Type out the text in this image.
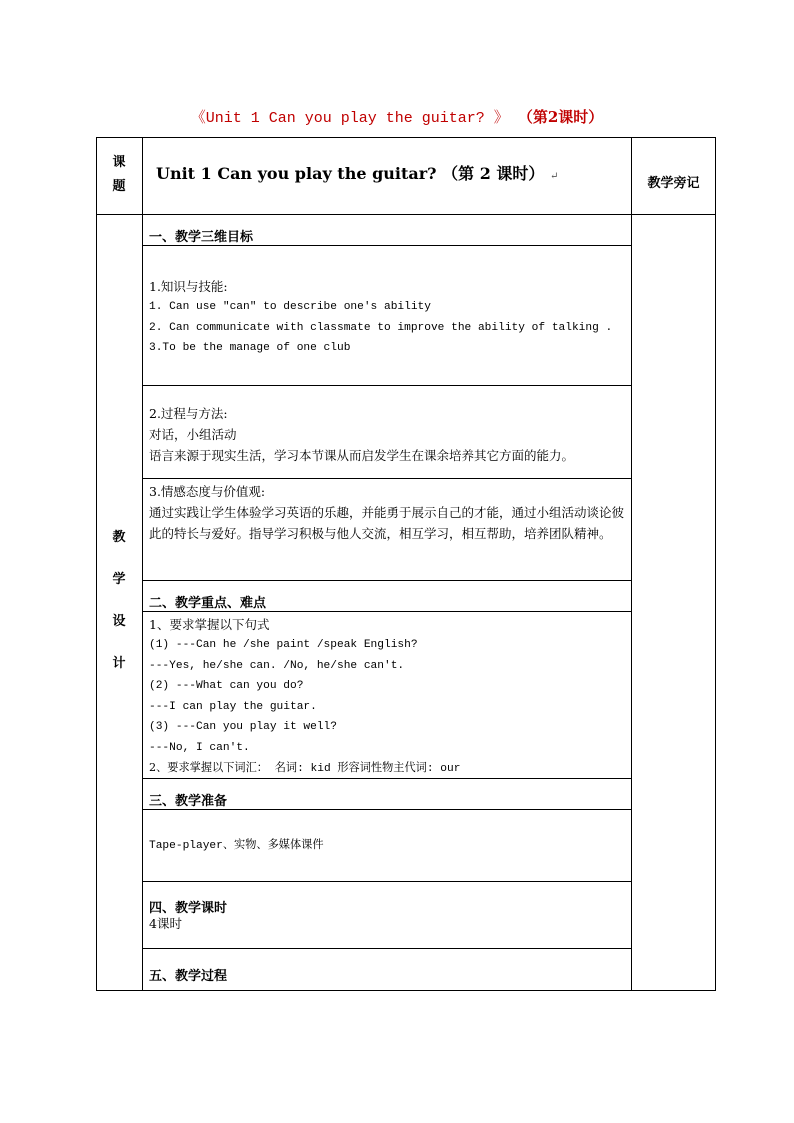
《Unit 1 Can you play the guitar? 》 （第2课时）
课
题
Unit 1 Can you play the guitar? （第 2 课时） ↵	教学旁记
教
学
设
计
一、教学三维目标
1.知识与技能:
1. Can use "can" to describe one's ability
2. Can communicate with classmate to improve the ability of talking .
3.To be the manage of one club
2.过程与方法:
对话，小组活动
语言来源于现实生活，学习本节课从而启发学生在课余培养其它方面的能力。
3.情感态度与价值观:
通过实践让学生体验学习英语的乐趣，并能勇于展示自己的才能，通过小组活动谈论彼此的特长与爱好。指导学习积极与他人交流，相互学习，相互帮助，培养团队精神。
二、教学重点、难点
1、要求掌握以下句式
(1) ---Can he /she paint /speak English?
---Yes, he/she can. /No, he/she can't.
(2) ---What can you do?
---I can play the guitar.
(3) ---Can you play it well?
---No, I can't.
2、要求掌握以下词汇： 名词: kid 形容词性物主代词: our
三、教学准备
Tape-player、实物、多媒体课件
四、教学课时
4课时
五、教学过程
